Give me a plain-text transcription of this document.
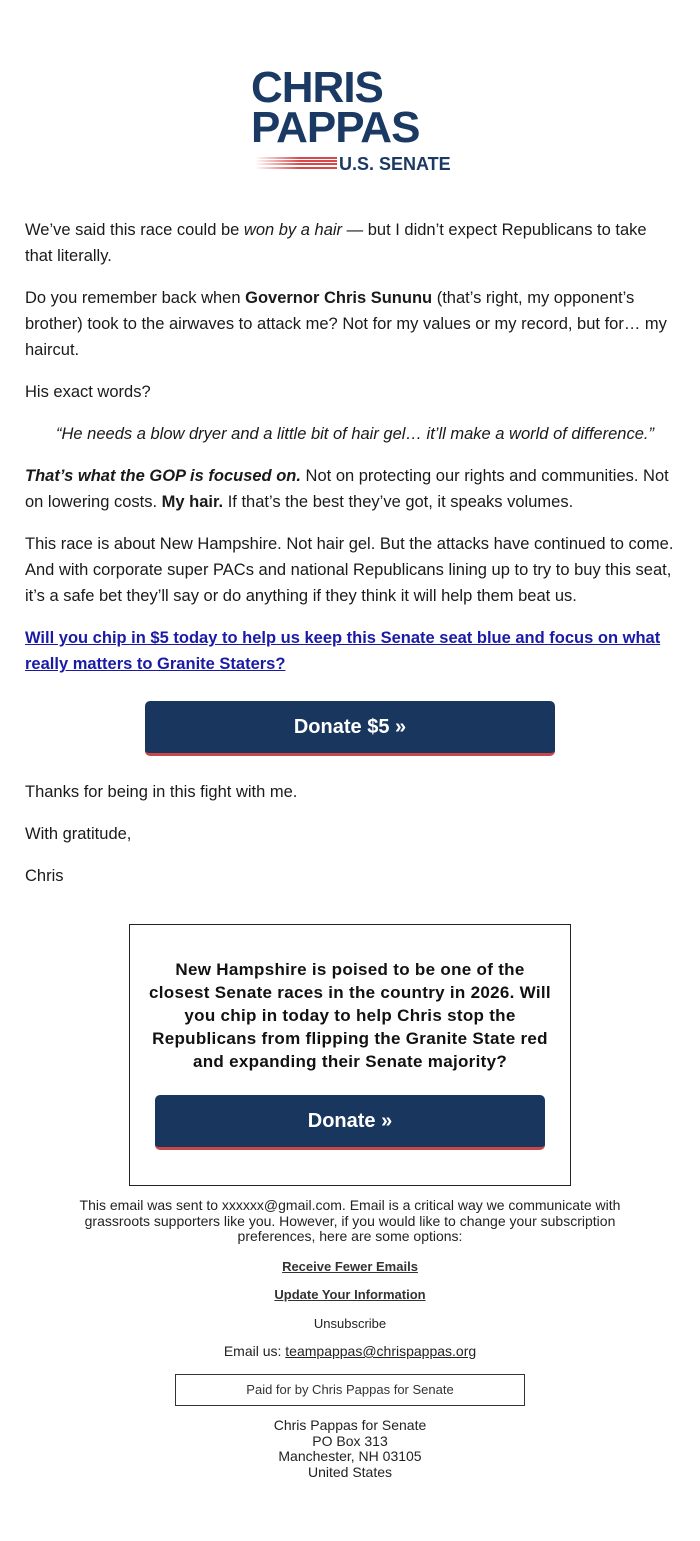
CHRIS
PAPPAS
U.S. SENATE

We’ve said this race could be won by a hair — but I didn’t expect Republicans to take that literally.

Do you remember back when Governor Chris Sununu (that’s right, my opponent’s brother) took to the airwaves to attack me? Not for my values or my record, but for… my haircut.

His exact words?

“He needs a blow dryer and a little bit of hair gel… it’ll make a world of difference.”

That’s what the GOP is focused on. Not on protecting our rights and communities. Not on lowering costs. My hair. If that’s the best they’ve got, it speaks volumes.

This race is about New Hampshire. Not hair gel. But the attacks have continued to come. And with corporate super PACs and national Republicans lining up to try to buy this seat, it’s a safe bet they’ll say or do anything if they think it will help them beat us.

Will you chip in $5 today to help us keep this Senate seat blue and focus on what really matters to Granite Staters?

Donate $5 »

Thanks for being in this fight with me.

With gratitude,

Chris

New Hampshire is poised to be one of the closest Senate races in the country in 2026. Will you chip in today to help Chris stop the Republicans from flipping the Granite State red and expanding their Senate majority?
Donate »
This email was sent to xxxxxx@gmail.com. Email is a critical way we communicate with grassroots supporters like you. However, if you would like to change your subscription preferences, here are some options:
Receive Fewer Emails
Update Your Information
Unsubscribe
Email us: teampappas@chrispappas.org
Paid for by Chris Pappas for Senate
Chris Pappas for Senate
PO Box 313
Manchester, NH 03105
United States
